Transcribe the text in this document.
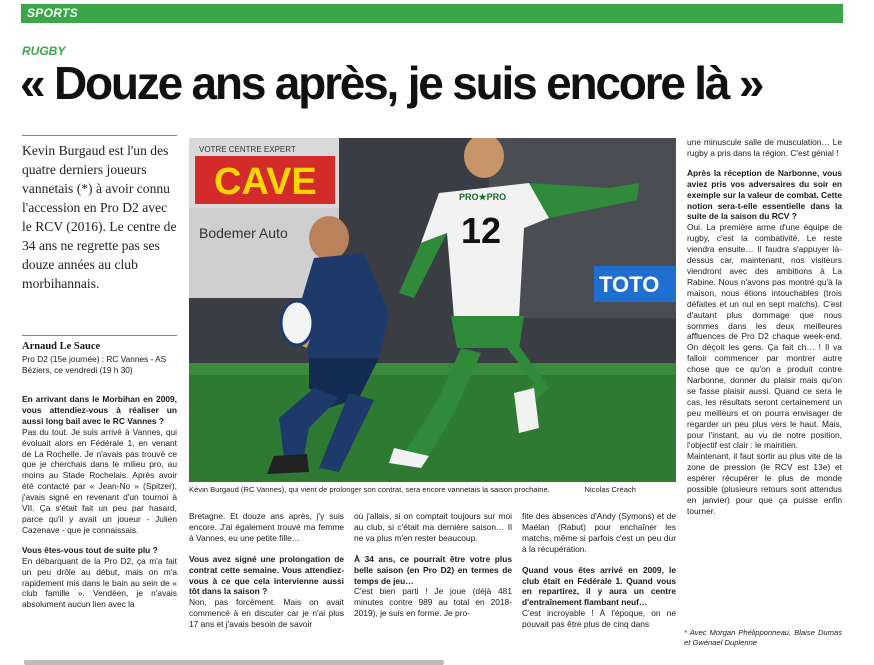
SPORTS
RUGBY
« Douze ans après, je suis encore là »
Kevin Burgaud est l'un des quatre derniers joueurs vannetais (*) à avoir connu l'accession en Pro D2 avec le RCV (2016). Le centre de 34 ans ne regrette pas ses douze années au club morbihannais.
Arnaud Le Sauce
Pro D2 (15e journée) : RC Vannes - AS Béziers, ce vendredi (19 h 30)
VOTRE CENTRE EXPERT
CAVE
Bodemer Auto
TOTO
12
PRO★PRO
Kévin Burgaud (RC Vannes), qui vient de prolonger son contrat, sera encore vannetais la saison prochaine.	Nicolas Créach

En arrivant dans le Morbihan en 2009, vous attendiez-vous à réaliser un aussi long bail avec le RC Vannes ?

Pas du tout. Je suis arrivé à Vannes, qui évoluait alors en Fédérale 1, en venant de La Rochelle. Je n'avais pas trouvé ce que je cherchais dans le milieu pro, au moins au Stade Rochelais. Après avoir été contacté par « Jean-No » (Spitzer), j'avais signé en revenant d'un tournoi à VII. Ça s'était fait un peu par hasard, parce qu'il y avait un joueur - Julien Cazenave - que je connaissais.

Vous êtes-vous tout de suite plu ?

En débarquant de la Pro D2, ça m'a fait un peu drôle au début, mais on m'a rapidement mis dans le bain au sein de « club famille ». Vendéen, je n'avais absolument aucun lien avec la

Bretagne. Et douze ans après, j'y suis encore. J'ai également trouvé ma femme à Vannes, eu une petite fille…

Vous avez signé une prolongation de contrat cette semaine. Vous attendiez-vous à ce que cela intervienne aussi tôt dans la saison ?

Non, pas forcément. Mais on avait commencé à en discuter car je n'ai plus 17 ans et j'avais besoin de savoir

où j'allais, si on comptait toujours sur moi au club, si c'était ma dernière saison… Il ne va plus m'en rester beaucoup.

À 34 ans, ce pourrait être votre plus belle saison (en Pro D2) en termes de temps de jeu…

C'est bien parti ! Je joue (déjà 481 minutes contre 989 au total en 2018-2019), je suis en forme. Je pro-

fite des absences d'Andy (Symons) et de Maélan (Rabut) pour enchaîner les matchs, même si parfois c'est un peu dur à la récupération.

Quand vous êtes arrivé en 2009, le club était en Fédérale 1. Quand vous en repartirez, il y aura un centre d'entraînement flambant neuf…

C'est incroyable ! À l'époque, on ne pouvait pas être plus de cinq dans

une minuscule salle de musculation… Le rugby a pris dans la région. C'est génial !

Après la réception de Narbonne, vous aviez pris vos adversaires du soir en exemple sur la valeur de combat. Cette notion sera-t-elle essentielle dans la suite de la saison du RCV ?

Oui. La première arme d'une équipe de rugby, c'est la combativité. Le reste viendra ensuite… Il faudra s'appuyer là-dessus car, maintenant, nos visiteurs viendront avec des ambitions à La Rabine. Nous n'avons pas montré qu'à la maison, nous étions intouchables (trois défaites et un nul en sept matchs). C'est d'autant plus dommage que nous sommes dans les deux meilleures affluences de Pro D2 chaque week-end. On déçoit les gens. Ça fait ch… ! Il va falloir commencer par montrer autre chose que ce qu'on a produit contre Narbonne, donner du plaisir mais qu'on se fasse plaisir aussi. Quand ce sera le cas, les résultats seront certainement un peu meilleurs et on pourra envisager de regarder un peu plus vers le haut. Mais, pour l'instant, au vu de notre position, l'objectif est clair : le maintien.

Maintenant, il faut sortir au plus vite de la zone de pression (le RCV est 13e) et espérer récupérer le plus de monde possible (plusieurs retours sont attendus en janvier) pour que ça puisse enfin tourner.

* Avec Morgan Phélipponneau, Blaise Dumas et Gwénael Duplenne
